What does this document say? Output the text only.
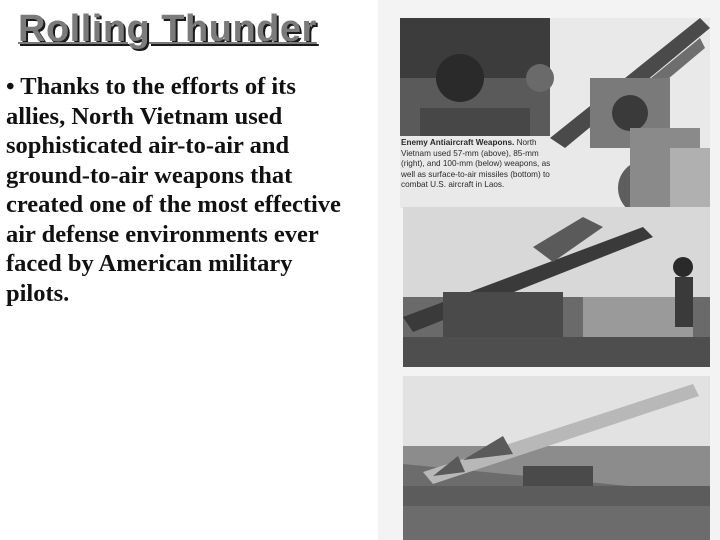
Rolling Thunder
• Thanks to the efforts of its allies, North Vietnam used sophisticated air-to-air and ground-to-air weapons that created one of the most effective air defense environments ever faced by American military pilots.
Enemy Antiaircraft Weapons. North Vietnam used 57-mm (above), 85-mm (right), and 100-mm (below) weapons, as well as surface-to-air missiles (bottom) to combat U.S. aircraft in Laos.
